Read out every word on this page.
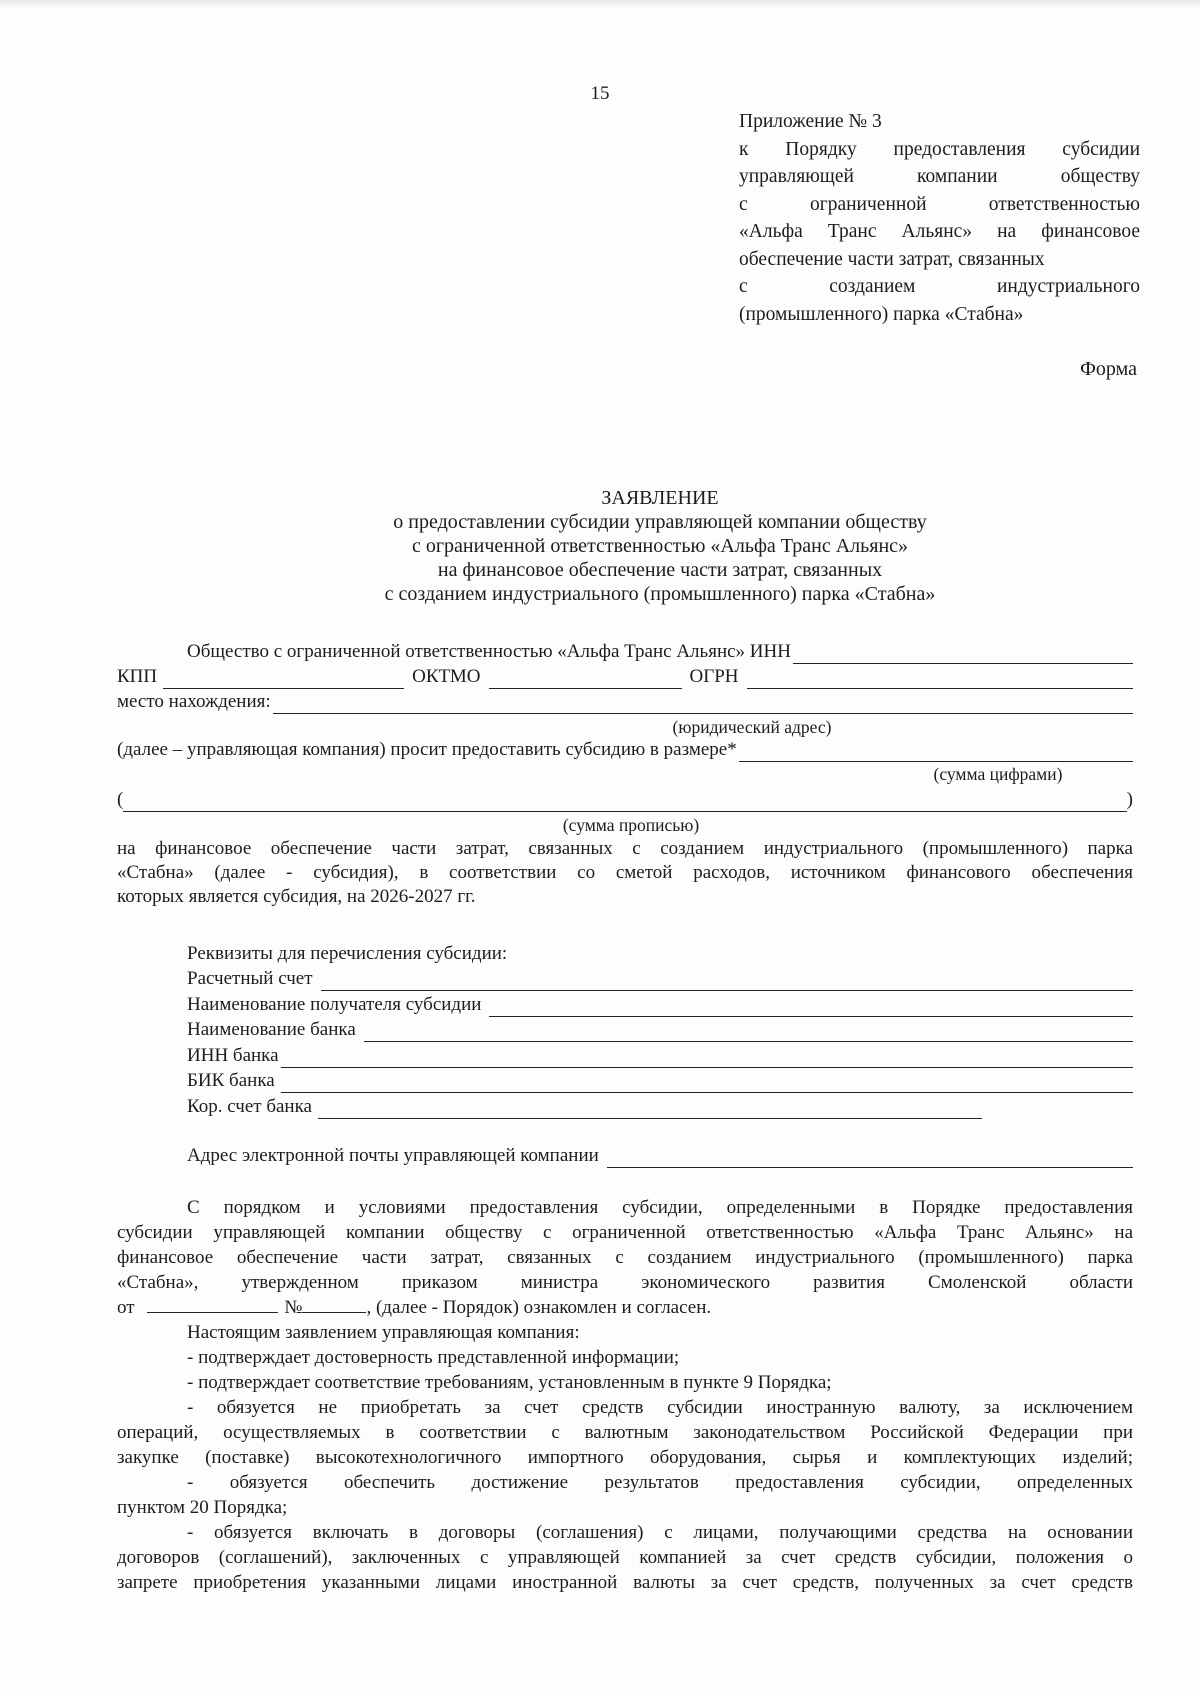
15
Приложение № 3
к Порядку предоставления субсидии
управляющей компании обществу
с ограниченной ответственностью
«Альфа Транс Альянс» на финансовое
обеспечение части затрат, связанных
с созданием индустриального
(промышленного) парка «Стабна»
Форма
ЗАЯВЛЕНИЕ
о предоставлении субсидии управляющей компании обществу
с ограниченной ответственностью «Альфа Транс Альянс»
на финансовое обеспечение части затрат, связанных
с созданием индустриального (промышленного) парка «Стабна»
Общество с ограниченной ответственностью «Альфа Транс Альянс» ИНН
КПП	ОКТМО	ОГРН
место нахождения:
(юридический адрес)
(далее – управляющая компания) просит предоставить субсидию в размере*
(сумма цифрами)
(	)
(сумма прописью)
на финансовое обеспечение части затрат, связанных с созданием индустриального (промышленного) парка
«Стабна» (далее - субсидия), в соответствии со сметой расходов, источником финансового обеспечения
которых является субсидия, на 2026-2027 гг.
Реквизиты для перечисления субсидии:
Расчетный счет
Наименование получателя субсидии
Наименование банка
ИНН банка
БИК банка
Кор. счет банка
Адрес электронной почты управляющей компании
С порядком и условиями предоставления субсидии, определенными в Порядке предоставления
субсидии управляющей компании обществу с ограниченной ответственностью «Альфа Транс Альянс» на
финансовое обеспечение части затрат, связанных с созданием индустриального (промышленного) парка
«Стабна», утвержденном приказом министра экономического развития Смоленской области
от	№	, (далее - Порядок) ознакомлен и согласен.
Настоящим заявлением управляющая компания:
- подтверждает достоверность представленной информации;
- подтверждает соответствие требованиям, установленным в пункте 9 Порядка;
- обязуется не приобретать за счет средств субсидии иностранную валюту, за исключением
операций, осуществляемых в соответствии с валютным законодательством Российской Федерации при
закупке (поставке) высокотехнологичного импортного оборудования, сырья и комплектующих изделий;
- обязуется обеспечить достижение результатов предоставления субсидии, определенных
пунктом 20 Порядка;
- обязуется включать в договоры (соглашения) с лицами, получающими средства на основании
договоров (соглашений), заключенных с управляющей компанией за счет средств субсидии, положения о
запрете приобретения указанными лицами иностранной валюты за счет средств, полученных за счет средств
